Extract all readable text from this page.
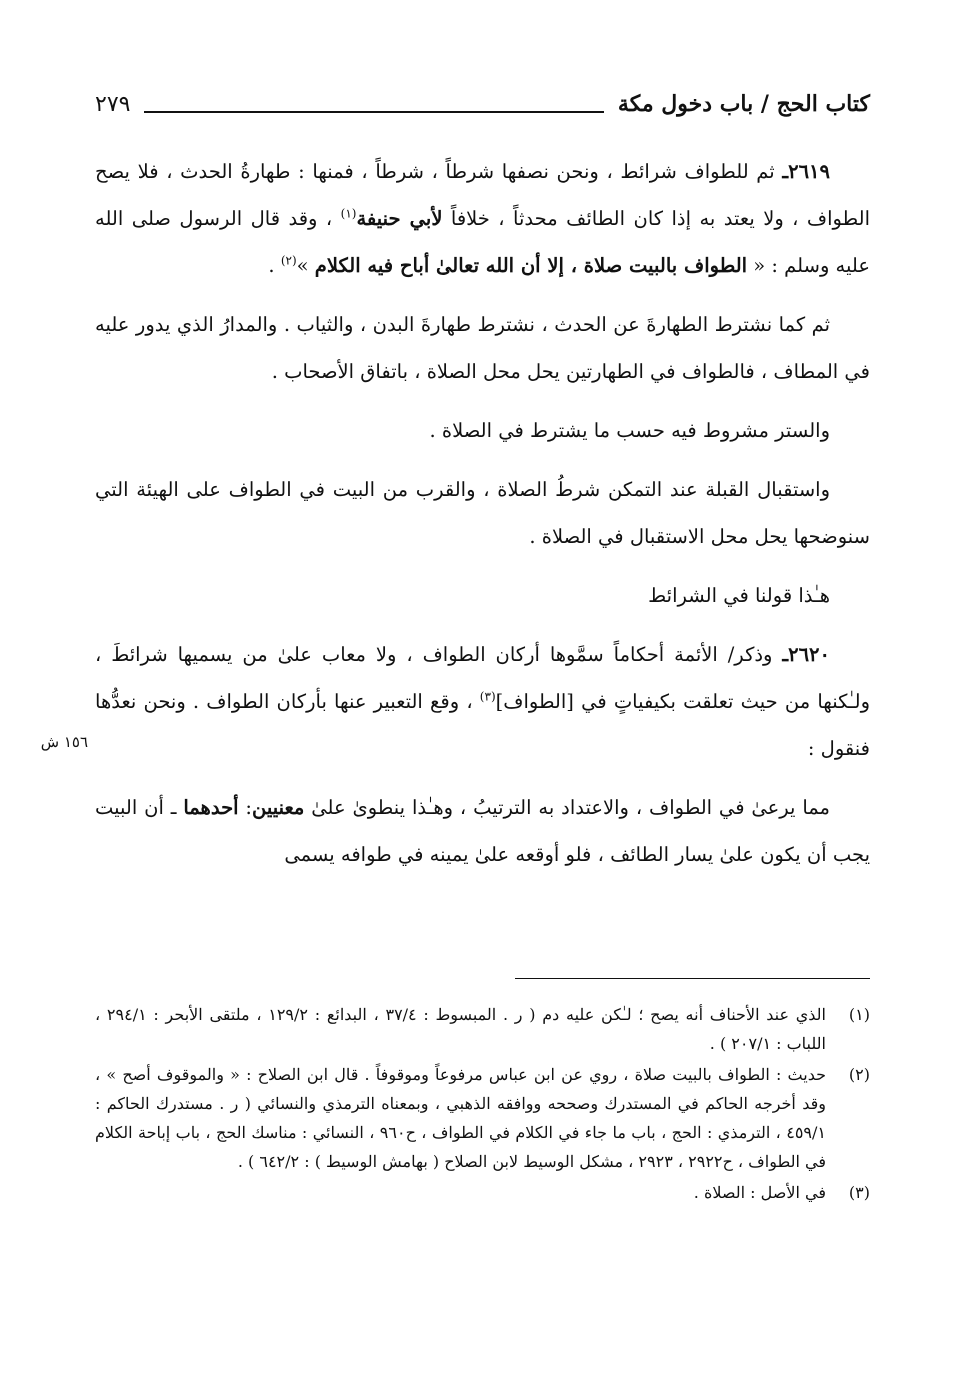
كتاب الحج / باب دخول مكة
٢٧٩
١٥٦ ش

٢٦١٩ـ ثم للطواف شرائط ، ونحن نصفها شرطاً ، شرطاً ، فمنها : طهارةُ الحدث ، فلا يصح الطواف ، ولا يعتد به إذا كان الطائف محدثاً ، خلافاً لأبي حنيفة$^{(١)}$ ، وقد قال الرسول صلى الله عليه وسلم : « الطواف بالبيت صلاة ، إلا أن الله تعالىٰ أباح فيه الكلام »$^{(٢)}$ .

ثم كما نشترط الطهارةَ عن الحدث ، نشترط طهارةَ البدن ، والثياب . والمدارُ الذي يدور عليه في المطاف ، فالطواف في الطهارتين يحل محل الصلاة ، باتفاق الأصحاب .

والستر مشروط فيه حسب ما يشترط في الصلاة .

واستقبال القبلة عند التمكن شرطُ الصلاة ، والقرب من البيت في الطواف على الهيئة التي سنوضحها يحل محل الاستقبال في الصلاة .

هـٰذا قولنا في الشرائط

٢٦٢٠ـ وذكر/ الأئمة أحكاماً سمَّوها أركان الطواف ، ولا معاب علىٰ من يسميها شرائطَ ، ولـٰكنها من حيث تعلقت بكيفياتٍ في [الطواف]$^{(٣)}$ ، وقع التعبير عنها بأركان الطواف . ونحن نعدُّها فنقول :

مما يرعىٰ في الطواف ، والاعتداد به الترتيبُ ، وهـٰذا ينطوىٰ علىٰ معنيين: أحدهما ـ أن البيت يجب أن يكون علىٰ يسار الطائف ، فلو أوقعه علىٰ يمينه في طوافه يسمى

(١)
الذي عند الأحناف أنه يصح ؛ لـٰكن عليه دم ( ر . المبسوط : ٣٧/٤ ، البدائع : ١٢٩/٢ ، ملتقى الأبحر : ٢٩٤/١ ، اللباب : ٢٠٧/١ ) .
(٢)
حديث : الطواف بالبيت صلاة ، روي عن ابن عباس مرفوعاً وموقوفاً . قال ابن الصلاح : « والموقوف أصح » ، وقد أخرجه الحاكم في المستدرك وصححه ووافقه الذهبي ، وبمعناه الترمذي والنسائي ( ر . مستدرك الحاكم : ٤٥٩/١ ، الترمذي : الحج ، باب ما جاء في الكلام في الطواف ، ح٩٦٠ ، النسائي : مناسك الحج ، باب إباحة الكلام في الطواف ، ح٢٩٢٢ ، ٢٩٢٣ ، مشكل الوسيط لابن الصلاح ( بهامش الوسيط ) : ٦٤٢/٢ ) .
(٣)
في الأصل : الصلاة .
